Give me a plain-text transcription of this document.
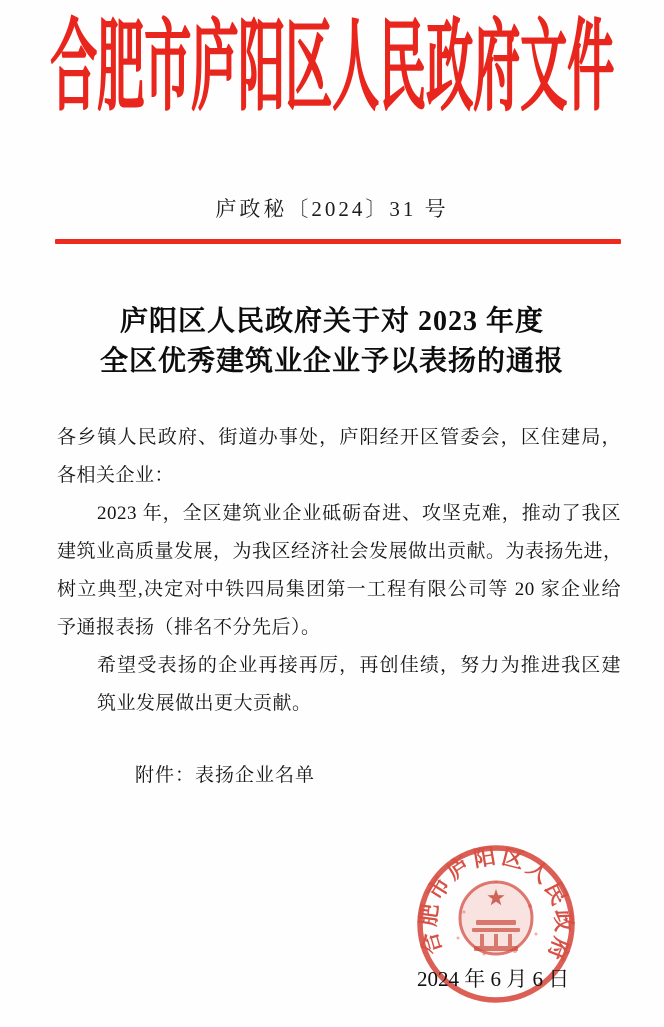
合肥市庐阳区人民政府文件
庐政秘〔2024〕31 号
庐阳区人民政府关于对 2023 年度
全区优秀建筑业企业予以表扬的通报
各乡镇人民政府、街道办事处，庐阳经开区管委会，区住建局，
各相关企业：
2023 年，全区建筑业企业砥砺奋进、攻坚克难，推动了我区
建筑业高质量发展，为我区经济社会发展做出贡献。为表扬先进，
树立典型,决定对中铁四局集团第一工程有限公司等 20 家企业给
予通报表扬（排名不分先后）。
希望受表扬的企业再接再厉，再创佳绩，努力为推进我区建
筑业发展做出更大贡献。
附件：表扬企业名单
合肥市庐阳区人民政府
2024 年 6 月 6 日
